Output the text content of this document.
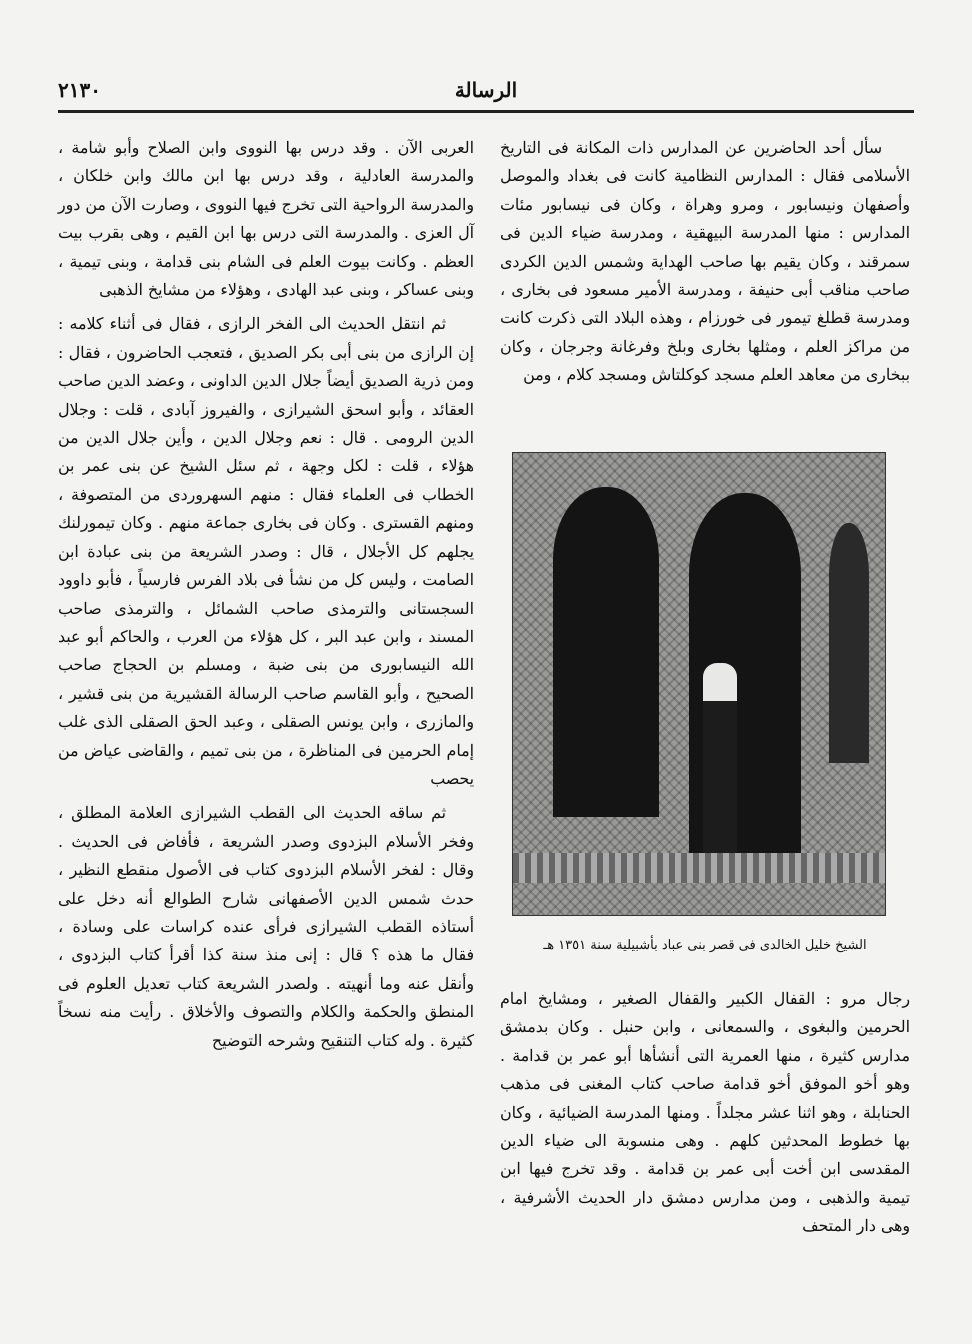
الرسالة
٢١٣٠

سأل أحد الحاضرين عن المدارس ذات المكانة فى التاريخ الأسلامى فقال : المدارس النظامية كانت فى بغداد والموصل وأصفهان ونيسابور ، ومرو وهراة ، وكان فى نيسابور مئات المدارس : منها المدرسة البيهقية ، ومدرسة ضياء الدين فى سمرقند ، وكان يقيم بها صاحب الهداية وشمس الدين الكردى صاحب مناقب أبى حنيفة ، ومدرسة الأمير مسعود فى بخارى ، ومدرسة قطلغ تيمور فى خورزام ، وهذه البلاد التى ذكرت كانت من مراكز العلم ، ومثلها بخارى وبلخ وفرغانة وجرجان ، وكان ببخارى من معاهد العلم مسجد كوكلتاش ومسجد كلام ، ومن

الشيخ خليل الخالدى فى قصر بنى عباد بأشبيلية سنة ١٣٥١ هـ

رجال مرو : القفال الكبير والقفال الصغير ، ومشايخ امام الحرمين والبغوى ، والسمعانى ، وابن حنبل . وكان بدمشق مدارس كثيرة ، منها العمرية التى أنشأها أبو عمر بن قدامة . وهو أخو الموفق أخو قدامة صاحب كتاب المغنى فى مذهب الحنابلة ، وهو اثنا عشر مجلداً . ومنها المدرسة الضيائية ، وكان بها خطوط المحدثين كلهم . وهى منسوبة الى ضياء الدين المقدسى ابن أخت أبى عمر بن قدامة . وقد تخرج فيها ابن تيمية والذهبى ، ومن مدارس دمشق دار الحديث الأشرفية ، وهى دار المتحف

العربى الآن . وقد درس بها النووى وابن الصلاح وأبو شامة ، والمدرسة العادلية ، وقد درس بها ابن مالك وابن خلكان ، والمدرسة الرواحية التى تخرج فيها النووى ، وصارت الآن من دور آل العزى . والمدرسة التى درس بها ابن القيم ، وهى بقرب بيت العظم . وكانت بيوت العلم فى الشام بنى قدامة ، وبنى تيمية ، وبنى عساكر ، وبنى عبد الهادى ، وهؤلاء من مشايخ الذهبى

ثم انتقل الحديث الى الفخر الرازى ، فقال فى أثناء كلامه : إن الرازى من بنى أبى بكر الصديق ، فتعجب الحاضرون ، فقال : ومن ذرية الصديق أيضاً جلال الدين الداونى ، وعضد الدين صاحب العقائد ، وأبو اسحق الشيرازى ، والفيروز آبادى ، قلت : وجلال الدين الرومى . قال : نعم وجلال الدين ، وأين جلال الدين من هؤلاء ، قلت : لكل وجهة ، ثم سئل الشيخ عن بنى عمر بن الخطاب فى العلماء فقال : منهم السهروردى من المتصوفة ، ومنهم القسترى . وكان فى بخارى جماعة منهم . وكان تيمورلنك يجلهم كل الأجلال ، قال : وصدر الشريعة من بنى عبادة ابن الصامت ، وليس كل من نشأ فى بلاد الفرس فارسياً ، فأبو داوود السجستانى والترمذى صاحب الشمائل ، والترمذى صاحب المسند ، وابن عبد البر ، كل هؤلاء من العرب ، والحاكم أبو عبد الله النيسابورى من بنى ضبة ، ومسلم بن الحجاج صاحب الصحيح ، وأبو القاسم صاحب الرسالة القشيرية من بنى قشير ، والمازرى ، وابن يونس الصقلى ، وعبد الحق الصقلى الذى غلب إمام الحرمين فى المناظرة ، من بنى تميم ، والقاضى عياض من يحصب

ثم ساقه الحديث الى القطب الشيرازى العلامة المطلق ، وفخر الأسلام البزدوى وصدر الشريعة ، فأفاض فى الحديث . وقال : لفخر الأسلام البزدوى كتاب فى الأصول منقطع النظير ، حدث شمس الدين الأصفهانى شارح الطوالع أنه دخل على أستاذه القطب الشيرازى فرأى عنده كراسات على وسادة ، فقال ما هذه ؟ قال : إنى منذ سنة كذا أقرأ كتاب البزدوى ، وأنقل عنه وما أنهيته . ولصدر الشريعة كتاب تعديل العلوم فى المنطق والحكمة والكلام والتصوف والأخلاق . رأيت منه نسخاً كثيرة . وله كتاب التنقيح وشرحه التوضيح
